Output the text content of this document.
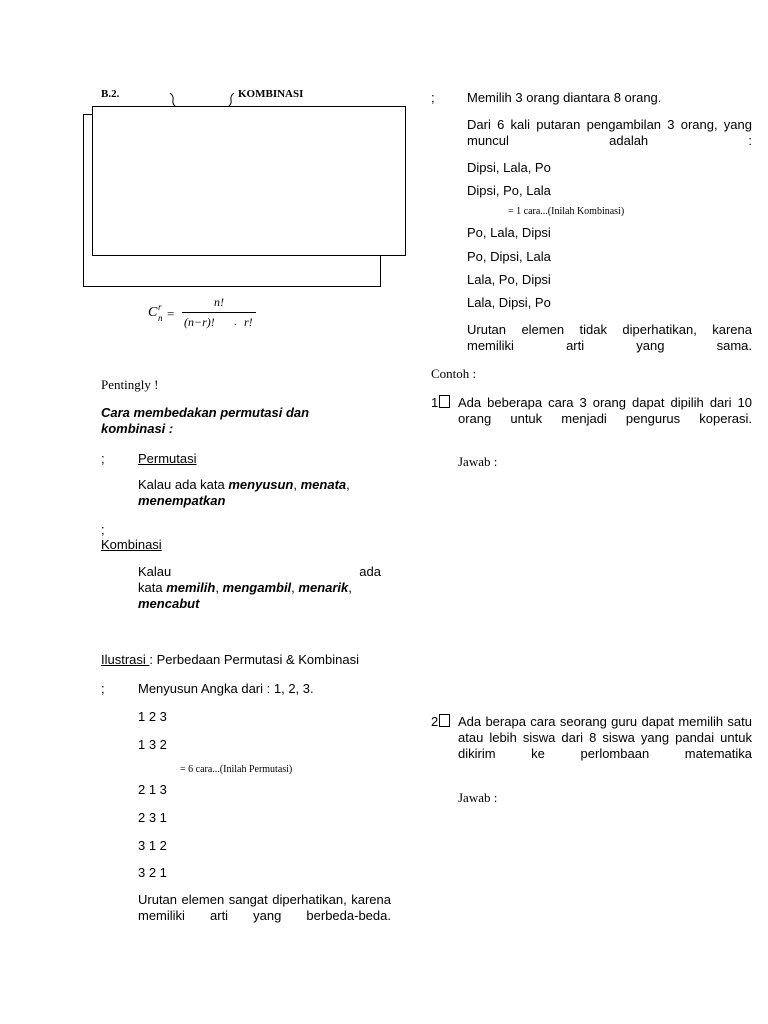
B.2.	KOMBINASI
C r
n =
n!
(n−r)! . r!
Pentingly !
Cara membedakan permutasi dan kombinasi :
;	Permutasi
Kalau ada kata menyusun, menata,
menempatkan
;
Kombinasi
Kalau	ada
kata memilih, mengambil, menarik,
mencabut
Ilustrasi : Perbedaan Permutasi & Kombinasi
;	Menyusun Angka dari : 1, 2, 3.
1 2 3
1 3 2
= 6 cara...(Inilah Permutasi)
2 1 3
2 3 1
3 1 2
3 2 1
Urutan elemen sangat diperhatikan, karena memiliki arti yang berbeda-beda.
; Memilih 3 orang diantara 8 orang.
Dari 6 kali putaran pengambilan 3 orang, yang muncul adalah :
Dipsi, Lala, Po
Dipsi, Po, Lala
= 1 cara...(Inilah Kombinasi)
Po, Lala, Dipsi
Po, Dipsi, Lala
Lala, Po, Dipsi
Lala, Dipsi, Po
Urutan elemen tidak diperhatikan, karena memiliki arti yang sama.
Contoh :
1	Ada beberapa cara 3 orang dapat dipilih dari 10 orang untuk menjadi pengurus koperasi.
Jawab :
2	Ada berapa cara seorang guru dapat memilih satu atau lebih siswa dari 8 siswa yang pandai untuk dikirim ke perlombaan matematika
Jawab :
